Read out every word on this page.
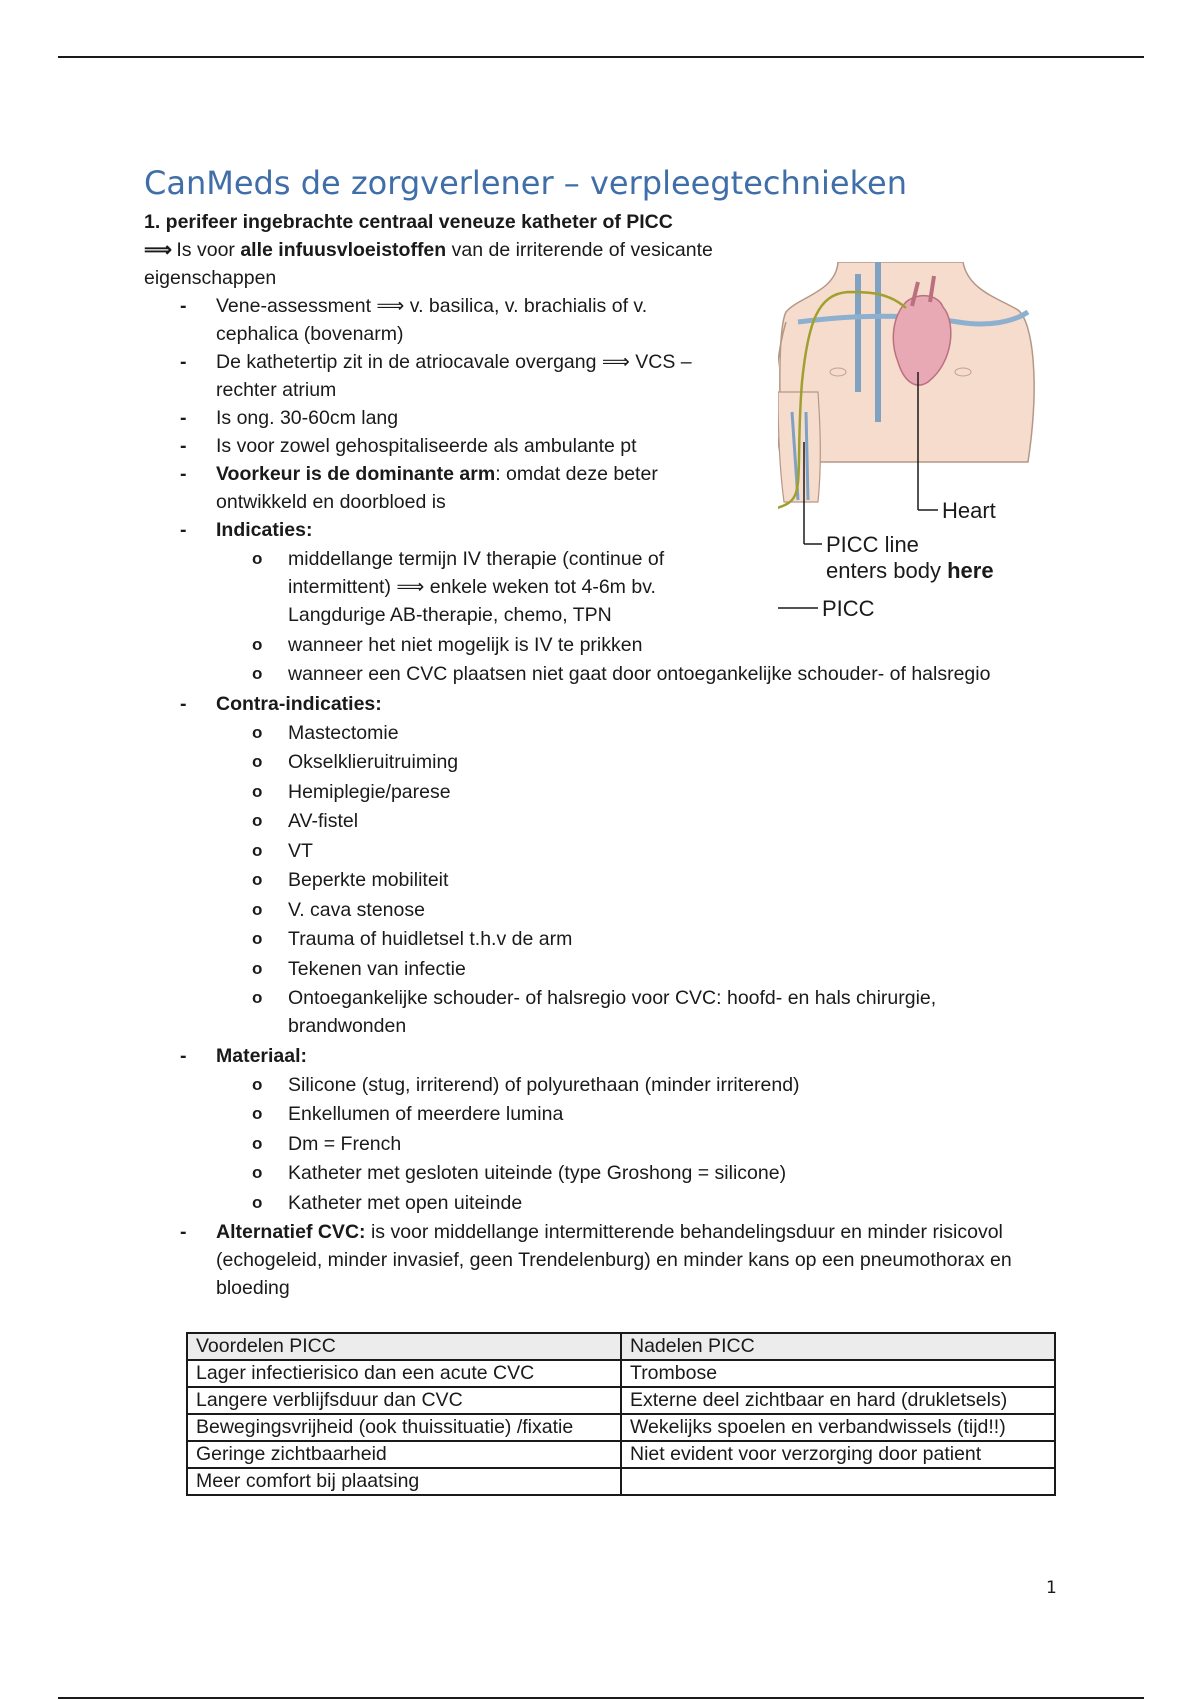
CanMeds de zorgverlener – verpleegtechnieken
1. perifeer ingebrachte centraal veneuze katheter of PICC
⟹ Is voor alle infuusvloeistoffen van de irriterende of vesicante eigenschappen
- Vene-assessment ⟹ v. basilica, v. brachialis of v. cephalica (bovenarm)
- De kathetertip zit in de atriocavale overgang ⟹ VCS – rechter atrium
- Is ong. 30-60cm lang
- Is voor zowel gehospitaliseerde als ambulante pt
- Voorkeur is de dominante arm: omdat deze beter ontwikkeld en doorbloed is
- Indicaties:
o middellange termijn IV therapie (continue of intermittent) ⟹ enkele weken tot 4-6m bv. Langdurige AB-therapie, chemo, TPN
o wanneer het niet mogelijk is IV te prikken
o wanneer een CVC plaatsen niet gaat door ontoegankelijke schouder- of halsregio
- Contra-indicaties:
o Mastectomie
o Okselklieruitruiming
o Hemiplegie/parese
o AV-fistel
o VT
o Beperkte mobiliteit
o V. cava stenose
o Trauma of huidletsel t.h.v de arm
o Tekenen van infectie
o Ontoegankelijke schouder- of halsregio voor CVC: hoofd- en hals chirurgie, brandwonden
- Materiaal:
o Silicone (stug, irriterend) of polyurethaan (minder irriterend)
o Enkellumen of meerdere lumina
o Dm = French
o Katheter met gesloten uiteinde (type Groshong = silicone)
o Katheter met open uiteinde
- Alternatief CVC: is voor middellange intermitterende behandelingsduur en minder risicovol (echogeleid, minder invasief, geen Trendelenburg) en minder kans op een pneumothorax en bloeding
Voordelen PICC	Nadelen PICC
Lager infectierisico dan een acute CVC	Trombose
Langere verblijfsduur dan CVC	Externe deel zichtbaar en hard (drukletsels)
Bewegingsvrijheid (ook thuissituatie) /fixatie	Wekelijks spoelen en verbandwissels (tijd!!)
Geringe zichtbaarheid	Niet evident voor verzorging door patient
Meer comfort bij plaatsing	
Heart
PICC line
enters body here
PICC
1
